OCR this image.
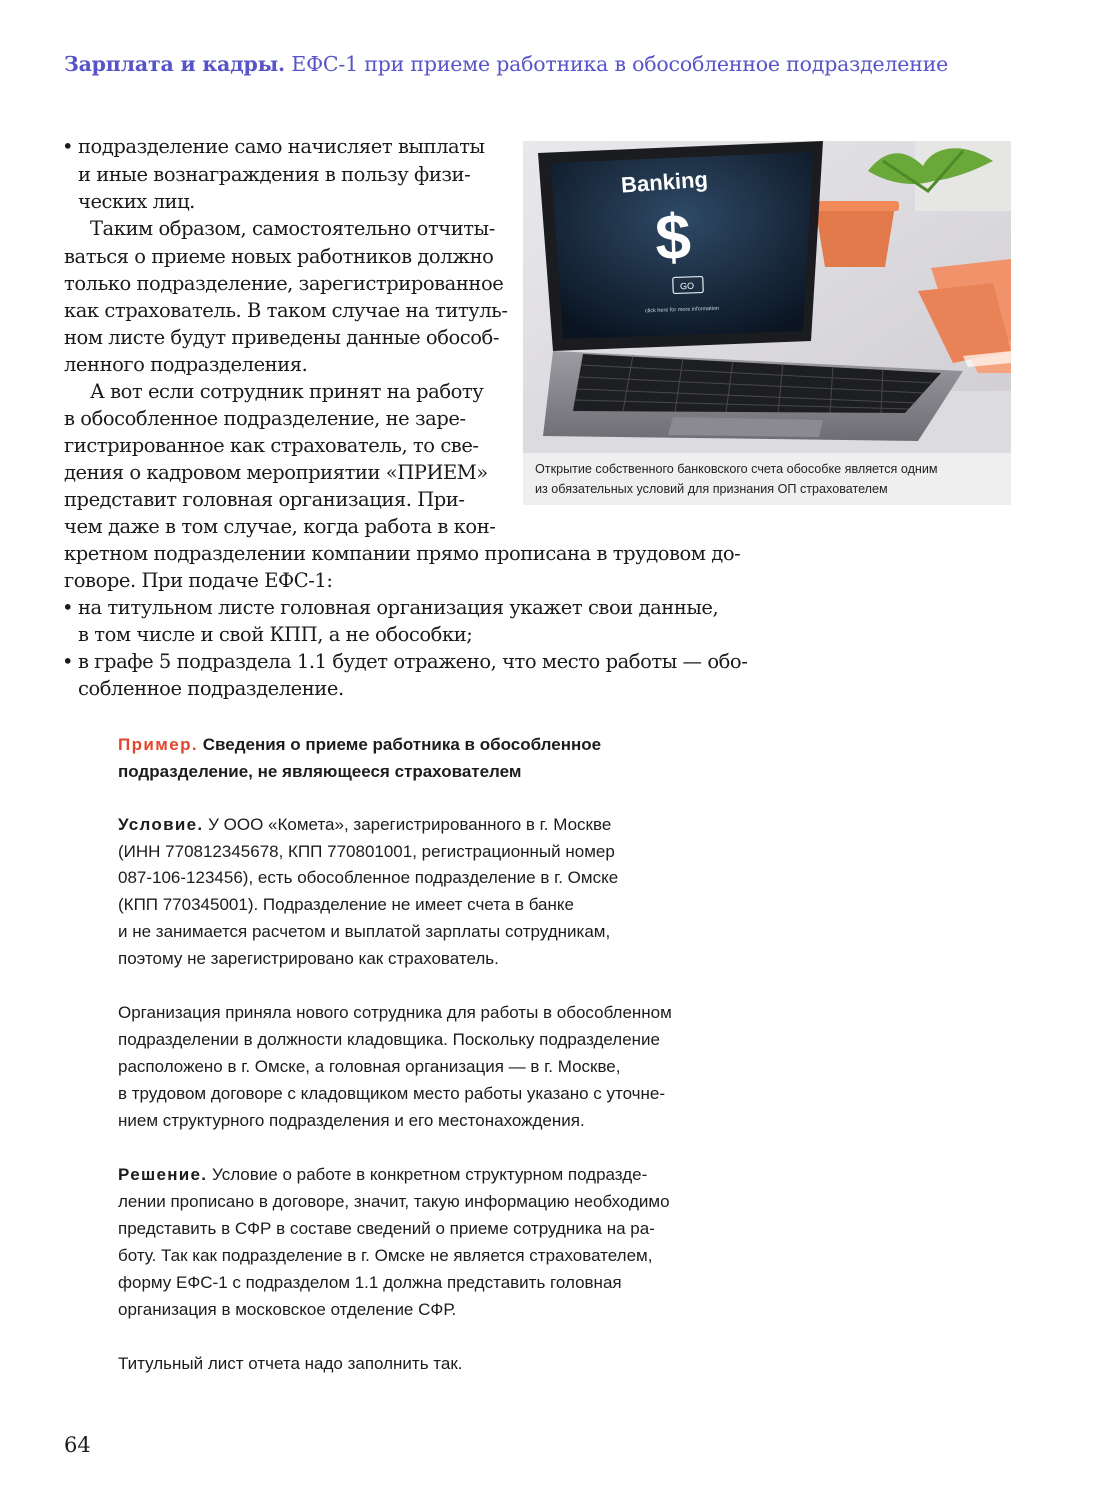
Зарплата и кадры. ЕФС-1 при приеме работника в обособленное подразделение
• подразделение само начисляет выплаты
и иные вознаграждения в пользу физи-
ческих лиц.
Таким образом, самостоятельно отчиты-
ваться о приеме новых работников должно
только подразделение, зарегистрированное
как страхователь. В таком случае на титуль-
ном листе будут приведены данные обособ-
ленного подразделения.
А вот если сотрудник принят на работу
в обособленное подразделение, не заре-
гистрированное как страхователь, то све-
дения о кадровом мероприятии «ПРИЕМ»
представит головная организация. При-
чем даже в том случае, когда работа в кон-
кретном подразделении компании прямо прописана в трудовом до-
говоре. При подаче ЕФС-1:
• на титульном листе головная организация укажет свои данные,
в том числе и свой КПП, а не обособки;
• в графе 5 подраздела 1.1 будет отражено, что место работы — обо-
собленное подразделение.
Banking
$
GO
click here for more information
Открытие собственного банковского счета обособке является одним
из обязательных условий для признания ОП страхователем
Пример. Сведения о приеме работника в обособленное
подразделение, не являющееся страхователем
Условие. У ООО «Комета», зарегистрированного в г. Москве
(ИНН 770812345678, КПП 770801001, регистрационный номер
087-106-123456), есть обособленное подразделение в г. Омске
(КПП 770345001). Подразделение не имеет счета в банке
и не занимается расчетом и выплатой зарплаты сотрудникам,
поэтому не зарегистрировано как страхователь.
Организация приняла нового сотрудника для работы в обособленном
подразделении в должности кладовщика. Поскольку подразделение
расположено в г. Омске, а головная организация — в г. Москве,
в трудовом договоре с кладовщиком место работы указано с уточне-
нием структурного подразделения и его местонахождения.
Решение. Условие о работе в конкретном структурном подразде-
лении прописано в договоре, значит, такую информацию необходимо
представить в СФР в составе сведений о приеме сотрудника на ра-
боту. Так как подразделение в г. Омске не является страхователем,
форму ЕФС-1 с подразделом 1.1 должна представить головная
организация в московское отделение СФР.
Титульный лист отчета надо заполнить так.
64
